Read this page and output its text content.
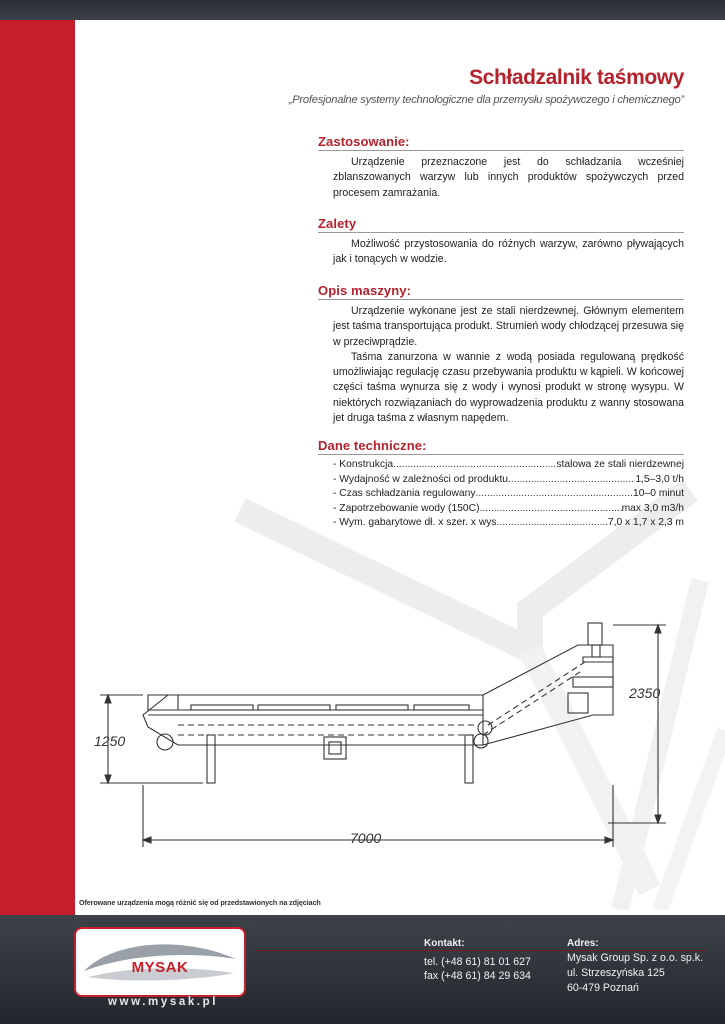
Schładzalnik taśmowy
„Profesjonalne systemy technologiczne dla przemysłu spożywczego i chemicznego”
Zastosowanie:

Urządzenie przeznaczone jest do schładzania wcześniej zblanszowanych warzyw lub innych produktów spożywczych przed procesem zamrażania.

Zalety

Możliwość przystosowania do różnych warzyw, zarówno pływających jak i tonących w wodzie.

Opis maszyny:

Urządzenie wykonane jest ze stali nierdzewnej. Głównym elementem jest taśma transportująca produkt. Strumień wody chłodzącej przesuwa się w przeciwprądzie.

Taśma zanurzona w wannie z wodą posiada regulowaną prędkość umożliwiając regulację czasu przebywania produktu w kąpieli. W końcowej części taśma wynurza się z wody i wynosi produkt w stronę wysypu. W niektórych rozwiązaniach do wyprowadzenia produktu z wanny stosowana jet druga taśma z własnym napędem.

Dane techniczne:
- Konstrukcja .....	stalowa ze stali nierdzewnej
- Wydajność w zależności od produktu .....	1,5–3,0 t/h
- Czas schładzania regulowany .....	10–0 minut
- Zapotrzebowanie wody (150C) .....	max 3,0 m3/h
- Wym. gabarytowe dł. x szer. x wys. .....	7,0 x 1,7 x 2,3 m
1250
2350
7000
Oferowane urządzenia mogą różnić się od przedstawionych na zdjęciach
MYSAK
www.mysak.pl
Kontakt:
tel. (+48 61) 81 01 627
fax (+48 61) 84 29 634
Adres:
Mysak Group Sp. z o.o. sp.k.
ul. Strzeszyńska 125
60-479 Poznań
